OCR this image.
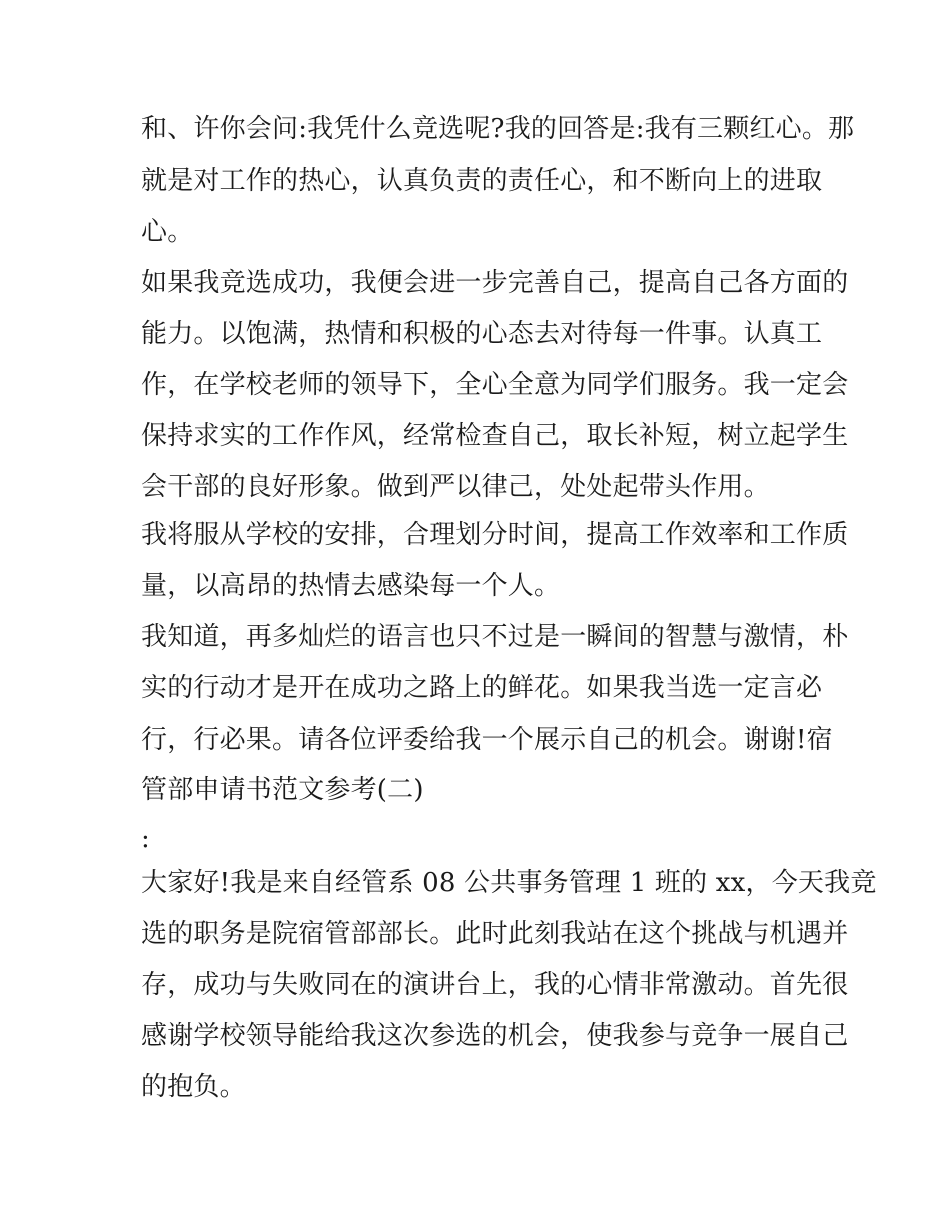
和、许你会问:我凭什么竞选呢?我的回答是:我有三颗红心。那
就是对工作的热心，认真负责的责任心，和不断向上的进取
心。
如果我竞选成功，我便会进一步完善自己，提高自己各方面的
能力。以饱满，热情和积极的心态去对待每一件事。认真工
作，在学校老师的领导下，全心全意为同学们服务。我一定会
保持求实的工作作风，经常检查自己，取长补短，树立起学生
会干部的良好形象。做到严以律己，处处起带头作用。
我将服从学校的安排，合理划分时间，提高工作效率和工作质
量，以高昂的热情去感染每一个人。
我知道，再多灿烂的语言也只不过是一瞬间的智慧与激情，朴
实的行动才是开在成功之路上的鲜花。如果我当选一定言必
行，行必果。请各位评委给我一个展示自己的机会。谢谢!宿
管部申请书范文参考(二)
:
大家好!我是来自经管系 08 公共事务管理 1 班的 xx，今天我竞
选的职务是院宿管部部长。此时此刻我站在这个挑战与机遇并
存，成功与失败同在的演讲台上，我的心情非常激动。首先很
感谢学校领导能给我这次参选的机会，使我参与竞争一展自己
的抱负。
